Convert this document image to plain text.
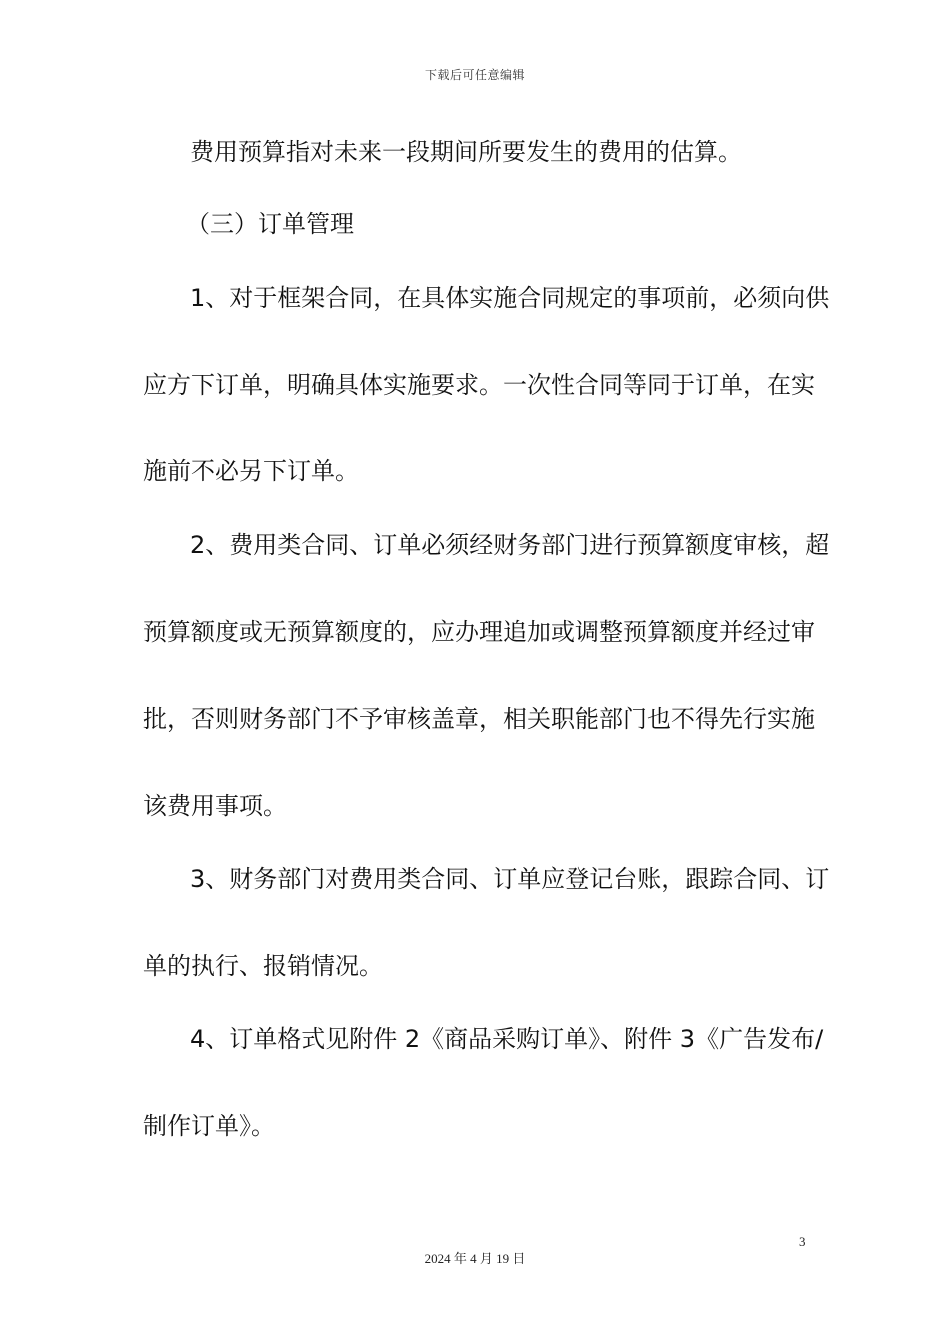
下载后可任意编辑
费用预算指对未来一段期间所要发生的费用的估算。
（三）订单管理
1、对于框架合同，在具体实施合同规定的事项前，必须向供
应方下订单，明确具体实施要求。一次性合同等同于订单，在实
施前不必另下订单。
2、费用类合同、订单必须经财务部门进行预算额度审核，超
预算额度或无预算额度的，应办理追加或调整预算额度并经过审
批，否则财务部门不予审核盖章，相关职能部门也不得先行实施
该费用事项。
3、财务部门对费用类合同、订单应登记台账，跟踪合同、订
单的执行、报销情况。
4、订单格式见附件 2《商品采购订单》、附件 3《广告发布/
制作订单》。
3
2024 年 4 月 19 日
